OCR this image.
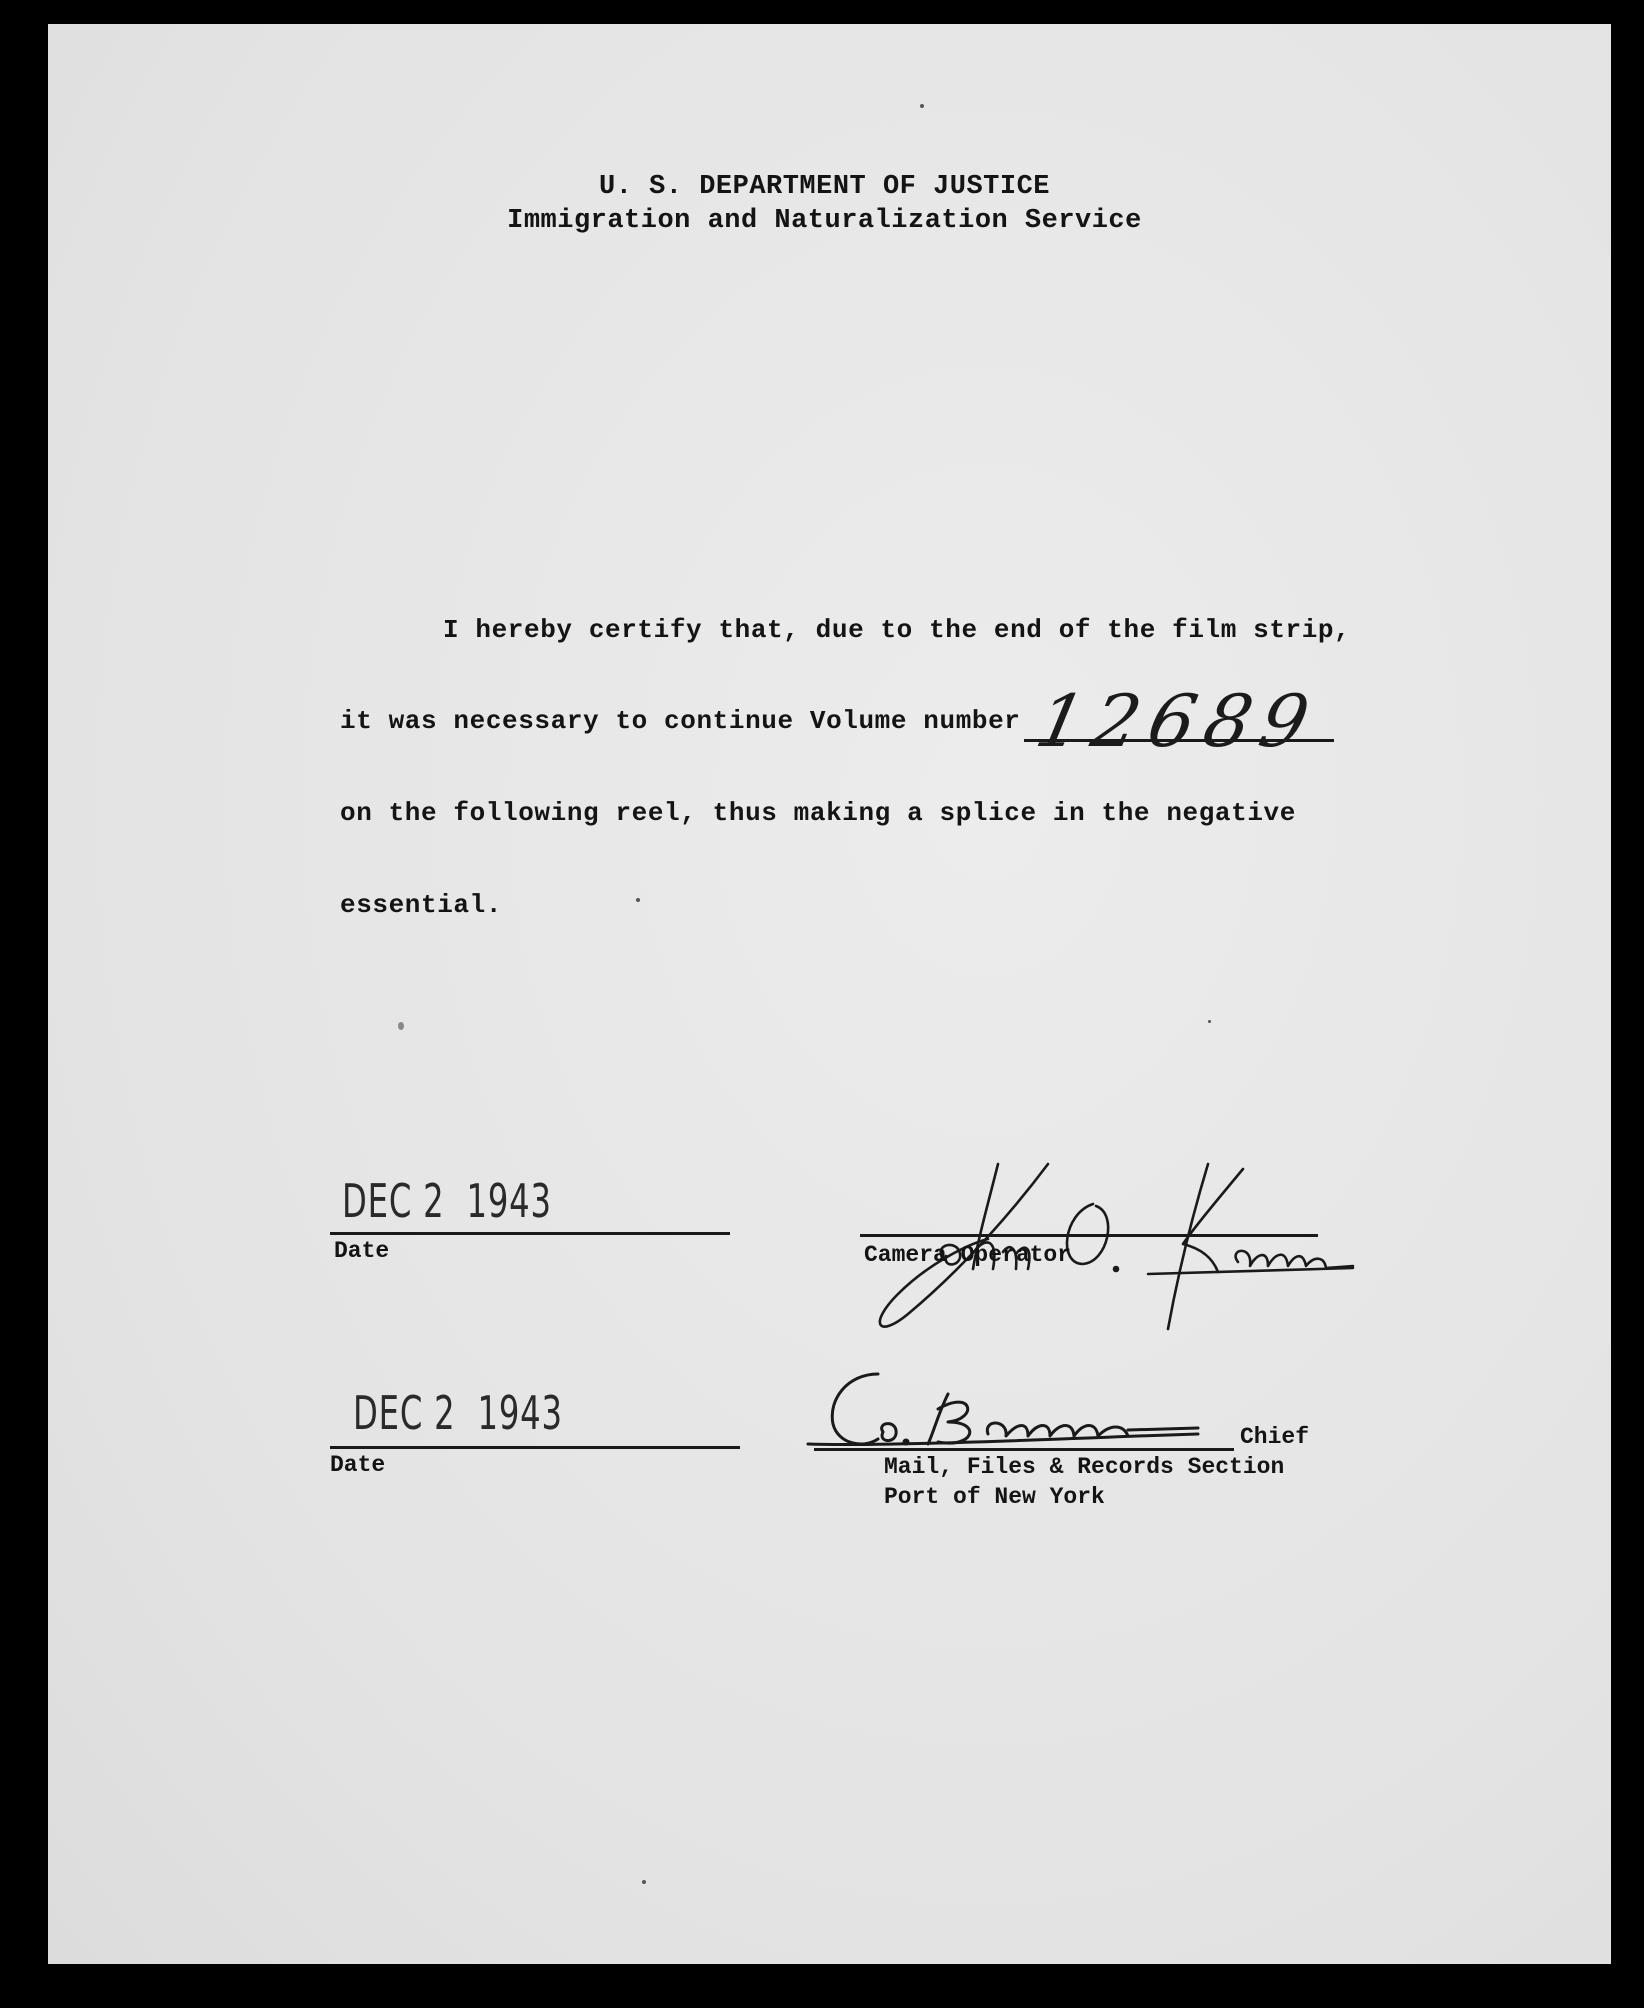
U. S. DEPARTMENT OF JUSTICE
Immigration and Naturalization Service
I hereby certify that, due to the end of the film strip,
it was necessary to continue Volume number 12689
on the following reel, thus making a splice in the negative
essential.
DEC 2  1943
Date	Camera Operator
DEC 2  1943
Date
Chief
Mail, Files & Records Section
Port of New York
